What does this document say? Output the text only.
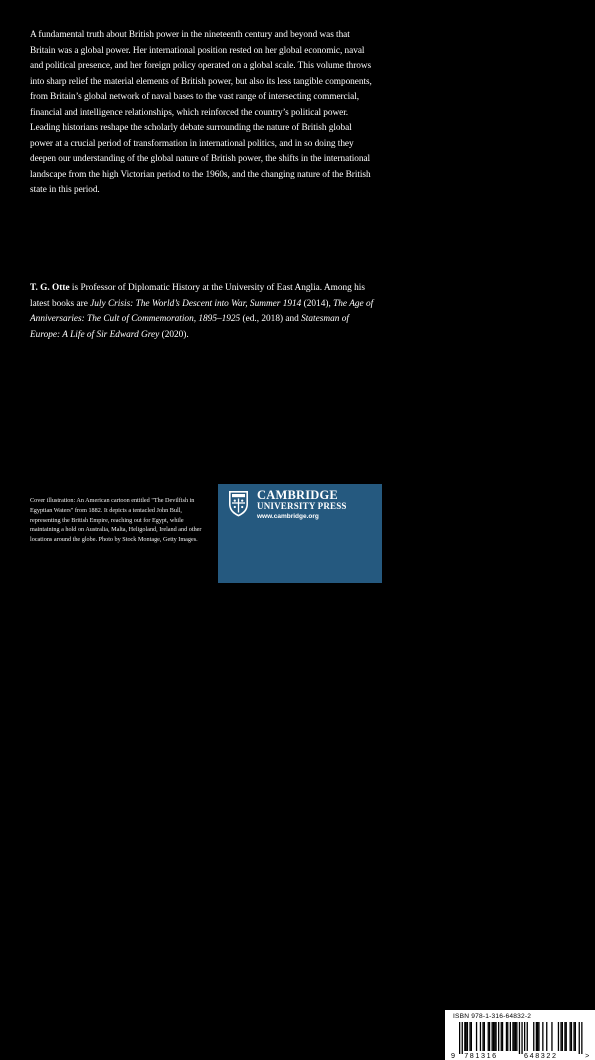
A fundamental truth about British power in the nineteenth century and beyond was that Britain was a global power. Her international position rested on her global economic, naval and political presence, and her foreign policy operated on a global scale. This volume throws into sharp relief the material elements of British power, but also its less tangible components, from Britain’s global network of naval bases to the vast range of intersecting commercial, financial and intelligence relationships, which reinforced the country’s political power. Leading historians reshape the scholarly debate surrounding the nature of British global power at a crucial period of transformation in international politics, and in so doing they deepen our understanding of the global nature of British power, the shifts in the international landscape from the high Victorian period to the 1960s, and the changing nature of the British state in this period.

T. G. Otte is Professor of Diplomatic History at the University of East Anglia. Among his latest books are July Crisis: The World’s Descent into War, Summer 1914 (2014), The Age of Anniversaries: The Cult of Commemoration, 1895–1925 (ed., 2018) and Statesman of Europe: A Life of Sir Edward Grey (2020).

Cover illustration: An American cartoon entitled "The Devilfish in Egyptian Waters" from 1882. It depicts a tentacled John Bull, representing the British Empire, reaching out for Egypt, while maintaining a hold on Australia, Malta, Heligoland, Ireland and other locations around the globe. Photo by Stock Montage, Getty Images.

CAMBRIDGE
UNIVERSITY PRESS
www.cambridge.org
ISBN 978-1-316-64832-2
9 781316	648322	>
